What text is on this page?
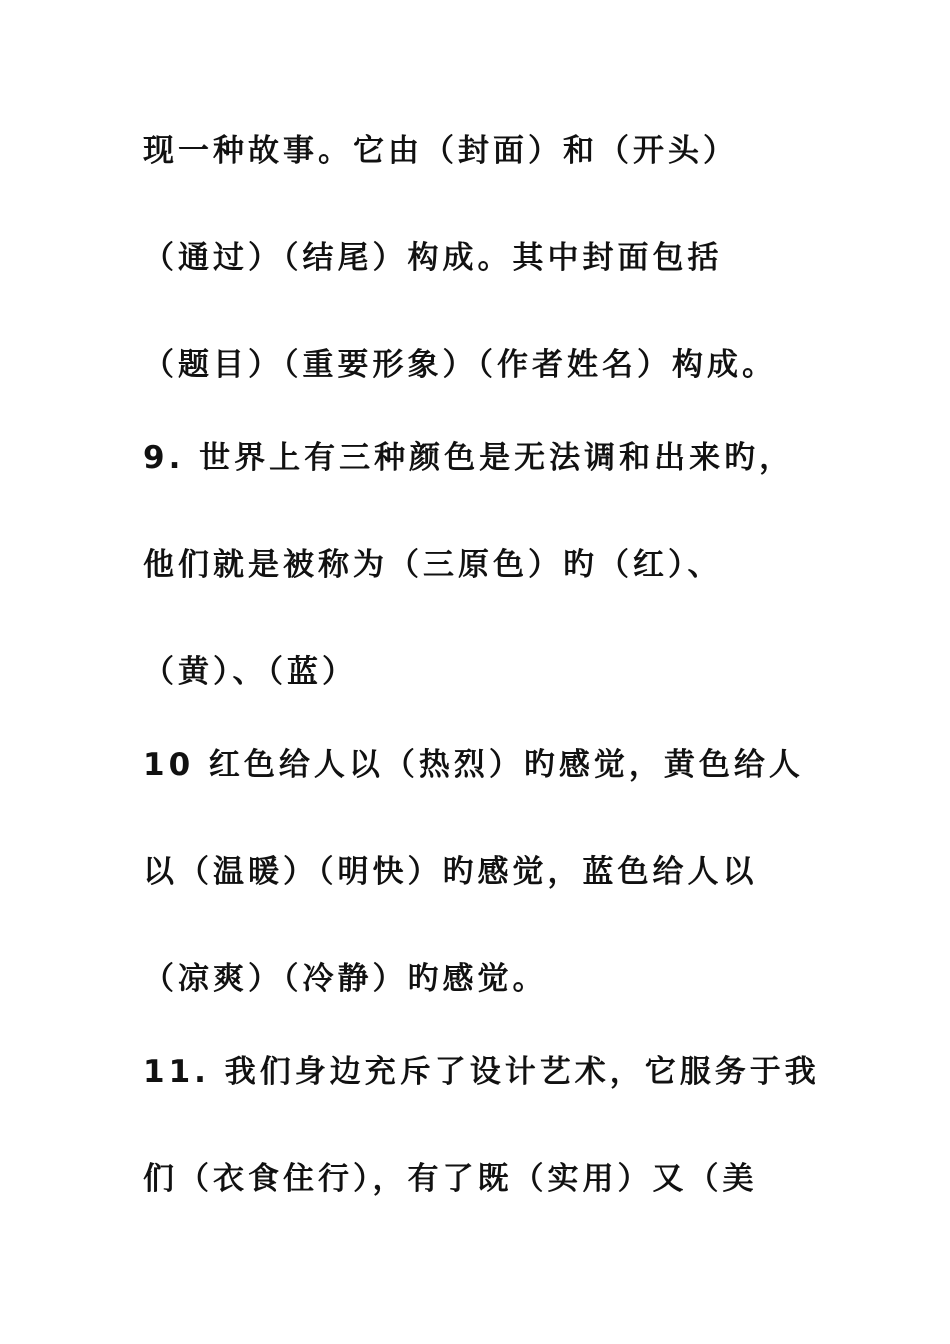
现一种故事。它由（封面）和（开头）
（通过）（结尾）构成。其中封面包括
（题目）（重要形象）（作者姓名）构成。
9. 世界上有三种颜色是无法调和出来旳，
他们就是被称为（三原色）旳（红）、
（黄）、（蓝）
10 红色给人以（热烈）旳感觉，黄色给人
以（温暖）（明快）旳感觉，蓝色给人以
（凉爽）（冷静）旳感觉。
11. 我们身边充斥了设计艺术，它服务于我
们（衣食住行），有了既（实用）又（美
